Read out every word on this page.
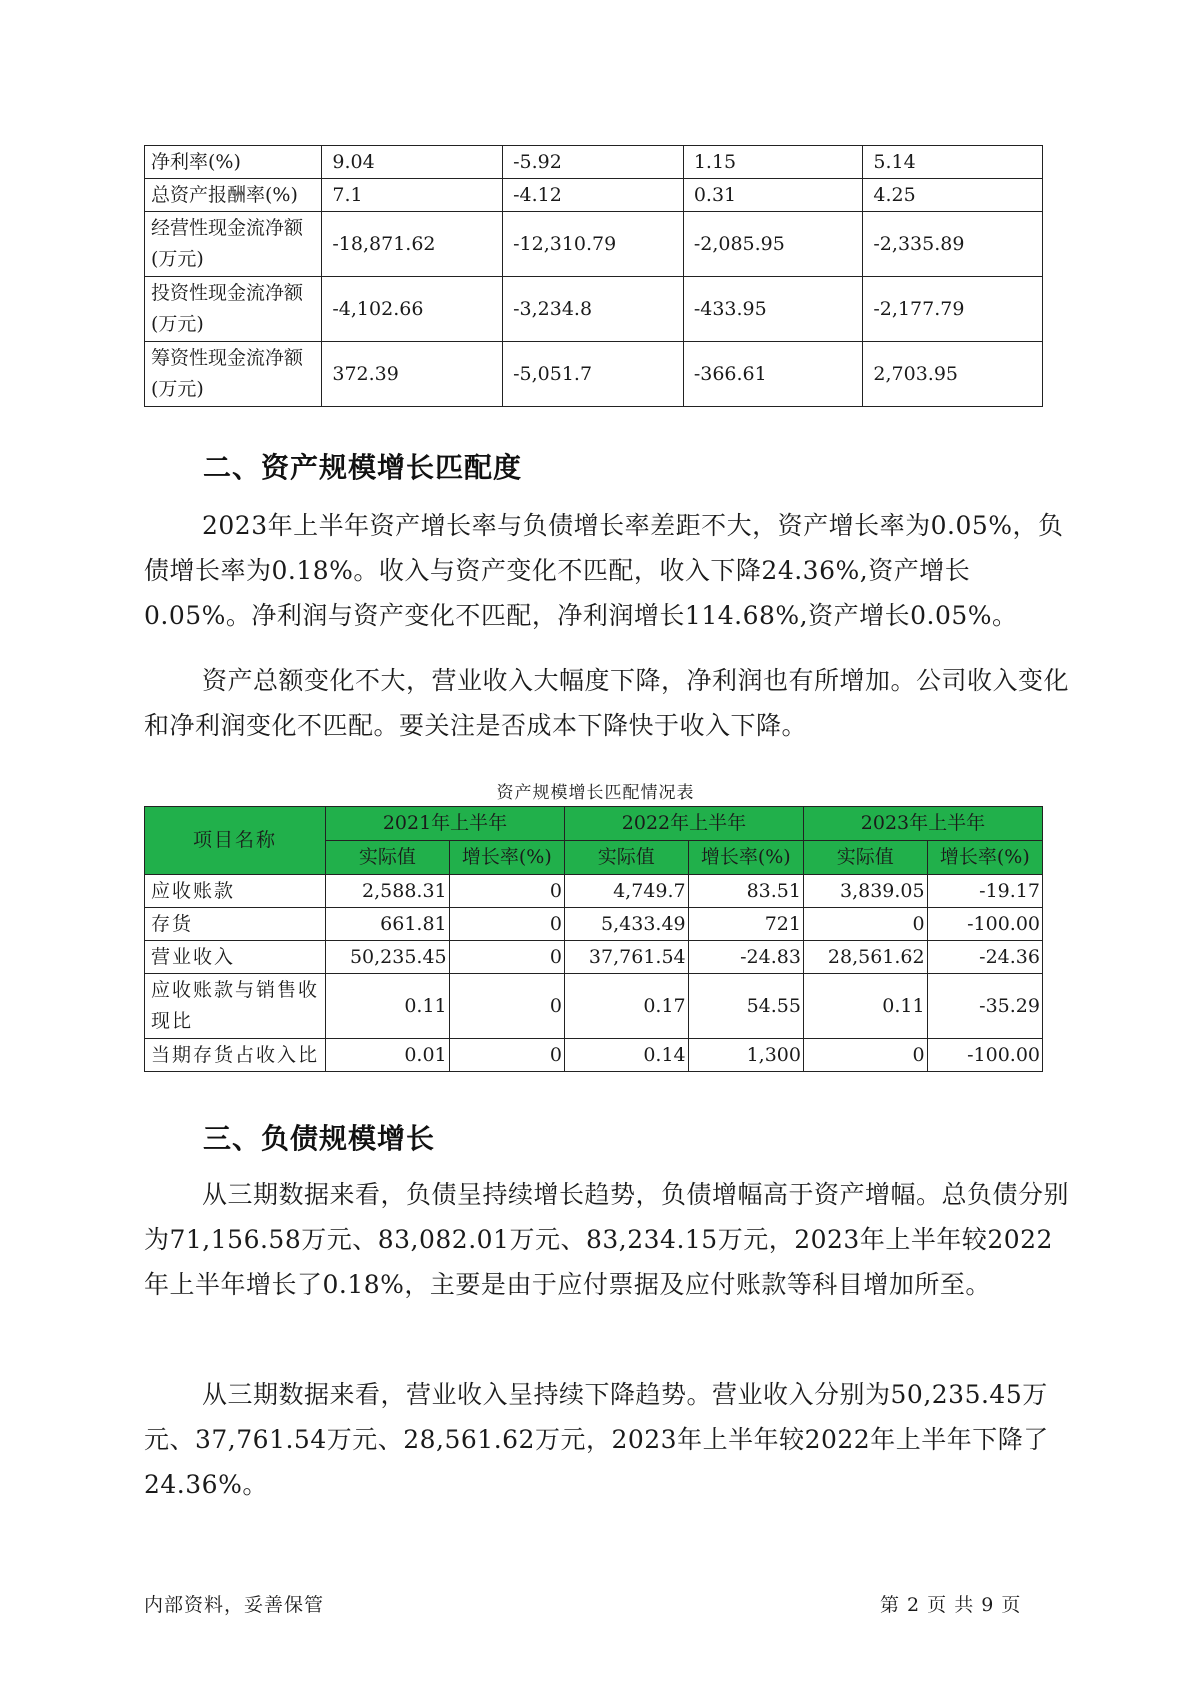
净利率(%)	9.04	-5.92	1.15	5.14
总资产报酬率(%)	7.1	-4.12	0.31	4.25
经营性现金流净额(万元)	-18,871.62	-12,310.79	-2,085.95	-2,335.89
投资性现金流净额(万元)	-4,102.66	-3,234.8	-433.95	-2,177.79
筹资性现金流净额(万元)	372.39	-5,051.7	-366.61	2,703.95
二、资产规模增长匹配度

2023年上半年资产增长率与负债增长率差距不大，资产增长率为0.05%，负债增长率为0.18%。收入与资产变化不匹配，收入下降24.36%,资产增长0.05%。净利润与资产变化不匹配，净利润增长114.68%,资产增长0.05%。

资产总额变化不大，营业收入大幅度下降，净利润也有所增加。公司收入变化和净利润变化不匹配。要关注是否成本下降快于收入下降。

资产规模增长匹配情况表
项目名称	2021年上半年		2022年上半年		2023年上半年	
	实际值	增长率(%)	实际值	增长率(%)	实际值	增长率(%)
应收账款	2,588.31	0	4,749.7	83.51	3,839.05	-19.17
存货	661.81	0	5,433.49	721	0	-100.00
营业收入	50,235.45	0	37,761.54	-24.83	28,561.62	-24.36
应收账款与销售收现比	0.11	0	0.17	54.55	0.11	-35.29
当期存货占收入比	0.01	0	0.14	1,300	0	-100.00
三、负债规模增长

从三期数据来看，负债呈持续增长趋势，负债增幅高于资产增幅。总负债分别为71,156.58万元、83,082.01万元、83,234.15万元，2023年上半年较2022年上半年增长了0.18%，主要是由于应付票据及应付账款等科目增加所至。

从三期数据来看，营业收入呈持续下降趋势。营业收入分别为50,235.45万元、37,761.54万元、28,561.62万元，2023年上半年较2022年上半年下降了24.36%。

内部资料，妥善保管	第 2 页 共 9 页
